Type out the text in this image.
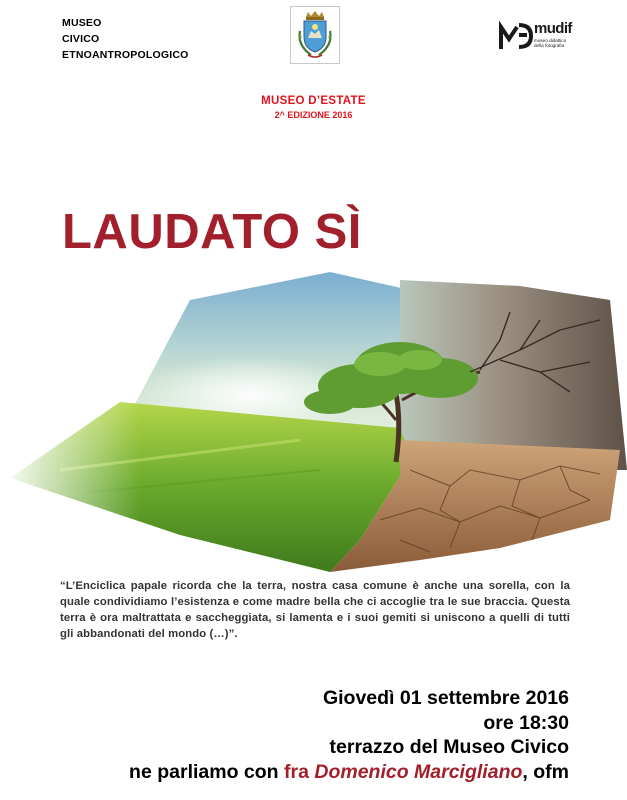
MUSEO
CIVICO
ETNOANTROPOLOGICO
mudif
museo didattico
della fotografia
MUSEO D’ESTATE
2^ EDIZIONE 2016
LAUDATO SÌ

“L’Enciclica papale ricorda che la terra, nostra casa comune è anche una sorella, con la quale condividiamo l’esistenza e come madre bella che ci accoglie tra le sue braccia. Questa terra è ora maltrattata e saccheggiata, si lamenta e i suoi gemiti si uniscono a quelli di tutti gli abbandonati del mondo (…)”.

Giovedì 01 settembre 2016
ore 18:30
terrazzo del Museo Civico
ne parliamo con fra Domenico Marcigliano, ofm
